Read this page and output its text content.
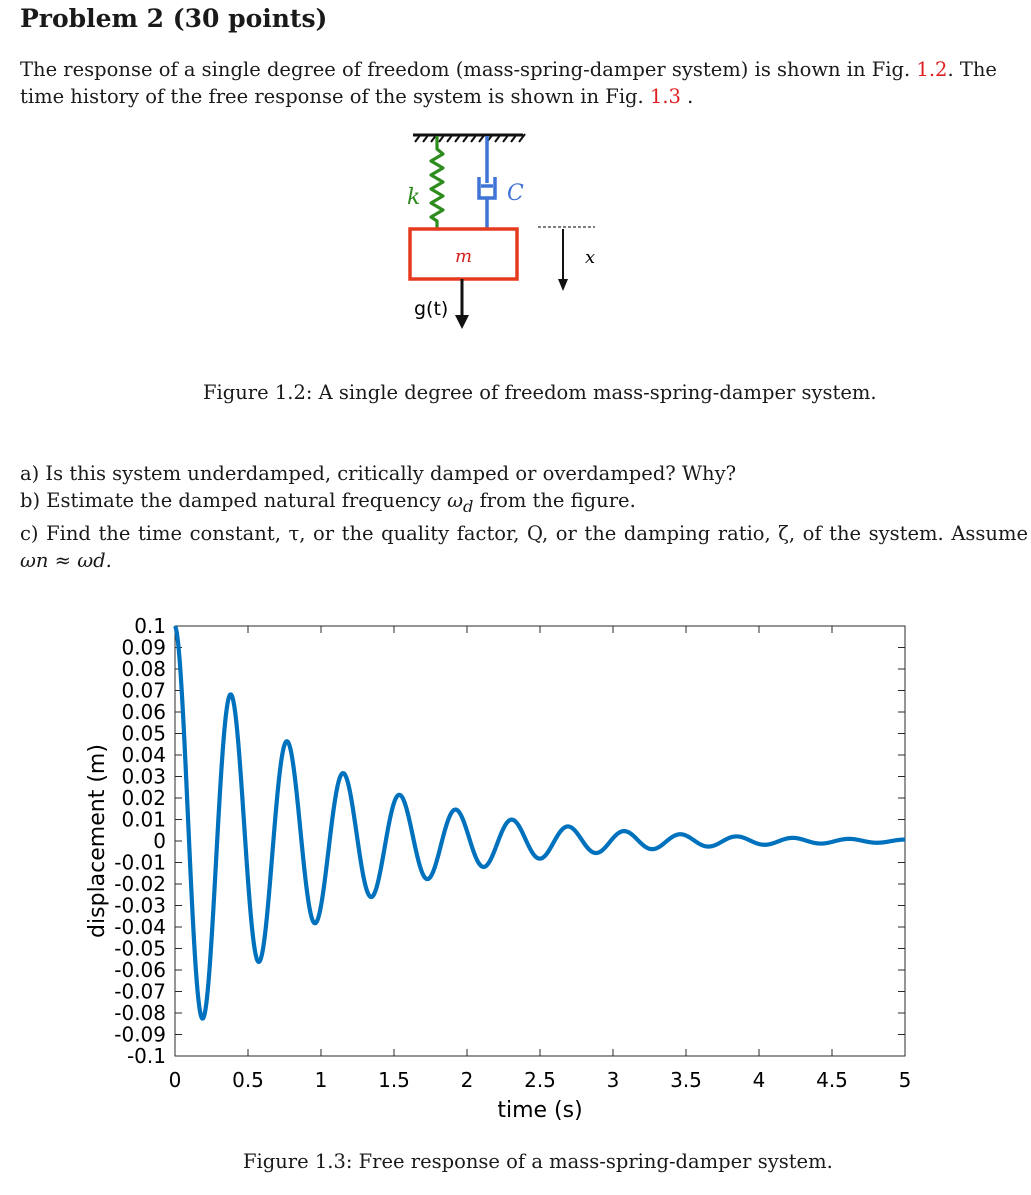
Problem 2 (30 points)

The response of a single degree of freedom (mass-spring-damper system) is shown in Fig. 1.2. The time history of the free response of the system is shown in Fig. 1.3 .

k	C
m	x
g(t)

Figure 1.2: A single degree of freedom mass-spring-damper system.

a) Is this system underdamped, critically damped or overdamped? Why?
b) Estimate the damped natural frequency $\omega_d$ from the figure.
c) Find the time constant, τ, or the quality factor, Q, or the damping ratio, ζ, of the system. Assume
ωn ≈ ωd.
0.1
0.09
0.08
0.07
0.06
0.05
0.04
0.03
0.02
0.01
0
-0.01
-0.02
-0.03
-0.04
-0.05
-0.06
-0.07
-0.08
-0.09
-0.1
0	0.5	1	1.5	2	2.5	3	3.5	4	4.5	5
time (s)
displacement (m)

Figure 1.3: Free response of a mass-spring-damper system.
